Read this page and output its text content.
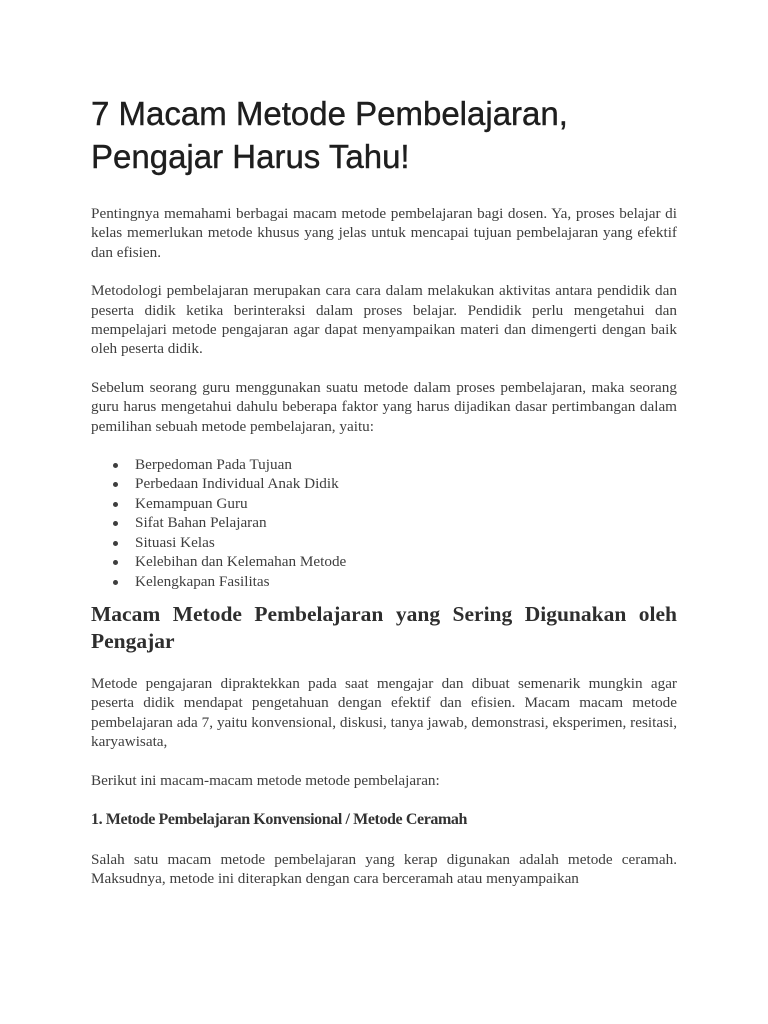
7 Macam Metode Pembelajaran, Pengajar Harus Tahu!

Pentingnya memahami berbagai macam metode pembelajaran bagi dosen. Ya, proses belajar di kelas memerlukan metode khusus yang jelas untuk mencapai tujuan pembelajaran yang efektif dan efisien.

Metodologi pembelajaran merupakan cara cara dalam melakukan aktivitas antara pendidik dan peserta didik ketika berinteraksi dalam proses belajar. Pendidik perlu mengetahui dan mempelajari metode pengajaran agar dapat menyampaikan materi dan dimengerti dengan baik oleh peserta didik.

Sebelum seorang guru menggunakan suatu metode dalam proses pembelajaran, maka seorang guru harus mengetahui dahulu beberapa faktor yang harus dijadikan dasar pertimbangan dalam pemilihan sebuah metode pembelajaran, yaitu:

Berpedoman Pada Tujuan
Perbedaan Individual Anak Didik
Kemampuan Guru
Sifat Bahan Pelajaran
Situasi Kelas
Kelebihan dan Kelemahan Metode
Kelengkapan Fasilitas
Macam Metode Pembelajaran yang Sering Digunakan oleh Pengajar

Metode pengajaran dipraktekkan pada saat mengajar dan dibuat semenarik mungkin agar peserta didik mendapat pengetahuan dengan efektif dan efisien. Macam macam metode pembelajaran ada 7, yaitu konvensional, diskusi, tanya jawab, demonstrasi, eksperimen, resitasi, karyawisata,

Berikut ini macam-macam metode metode pembelajaran:

1. Metode Pembelajaran Konvensional / Metode Ceramah

Salah satu macam metode pembelajaran yang kerap digunakan adalah metode ceramah. Maksudnya, metode ini diterapkan dengan cara berceramah atau menyampaikan
